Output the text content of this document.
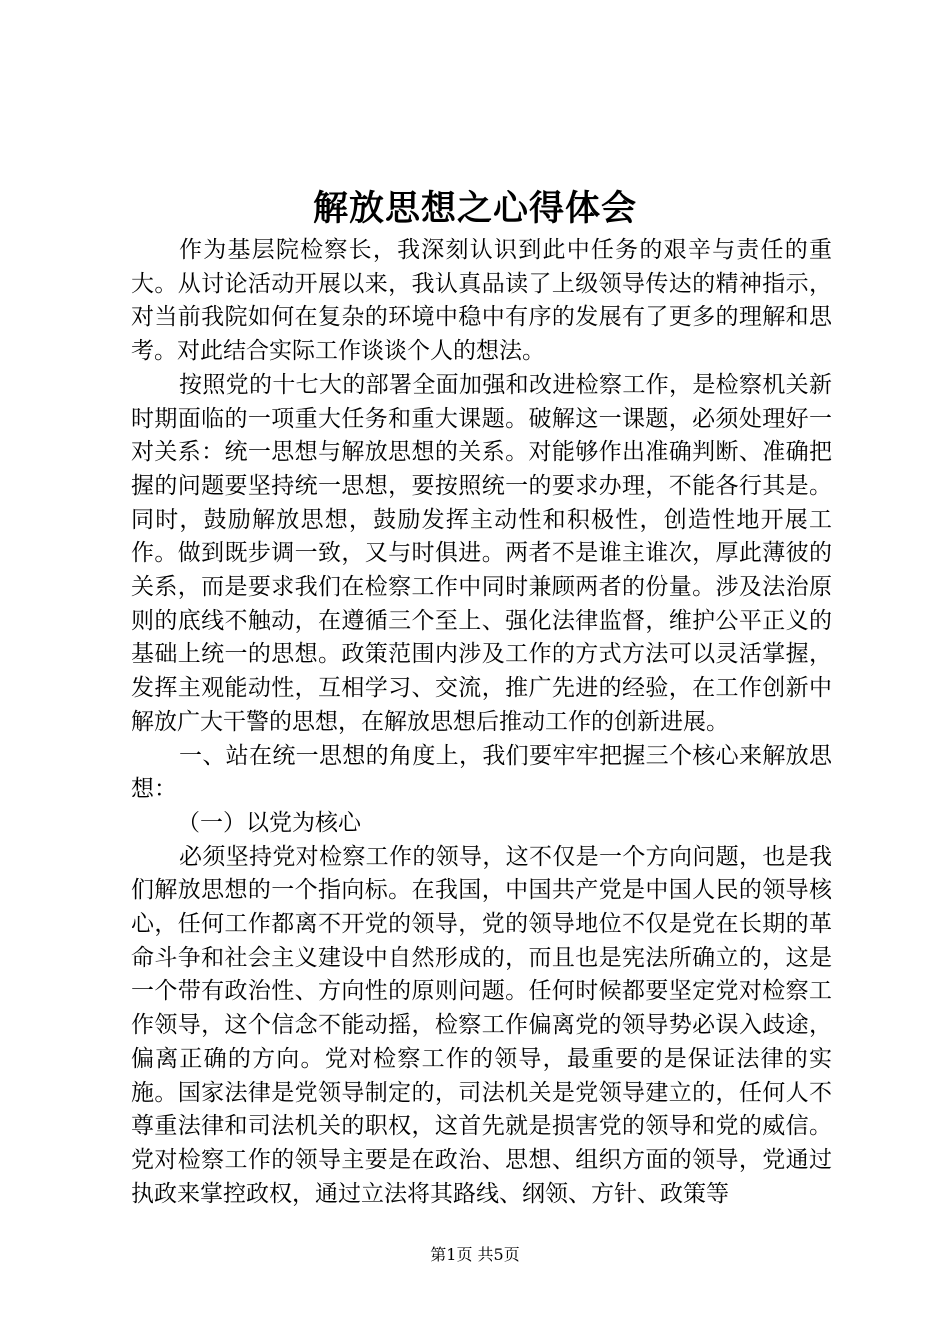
解放思想之心得体会

作为基层院检察长，我深刻认识到此中任务的艰辛与责任的重大。从讨论活动开展以来，我认真品读了上级领导传达的精神指示，对当前我院如何在复杂的环境中稳中有序的发展有了更多的理解和思考。对此结合实际工作谈谈个人的想法。

按照党的十七大的部署全面加强和改进检察工作，是检察机关新时期面临的一项重大任务和重大课题。破解这一课题，必须处理好一对关系：统一思想与解放思想的关系。对能够作出准确判断、准确把握的问题要坚持统一思想，要按照统一的要求办理，不能各行其是。同时，鼓励解放思想，鼓励发挥主动性和积极性，创造性地开展工作。做到既步调一致，又与时俱进。两者不是谁主谁次，厚此薄彼的关系，而是要求我们在检察工作中同时兼顾两者的份量。涉及法治原则的底线不触动，在遵循三个至上、强化法律监督，维护公平正义的基础上统一的思想。政策范围内涉及工作的方式方法可以灵活掌握，发挥主观能动性，互相学习、交流，推广先进的经验，在工作创新中解放广大干警的思想，在解放思想后推动工作的创新进展。

一、站在统一思想的角度上，我们要牢牢把握三个核心来解放思想：

（一）以党为核心

必须坚持党对检察工作的领导，这不仅是一个方向问题，也是我们解放思想的一个指向标。在我国，中国共产党是中国人民的领导核心，任何工作都离不开党的领导，党的领导地位不仅是党在长期的革命斗争和社会主义建设中自然形成的，而且也是宪法所确立的，这是一个带有政治性、方向性的原则问题。任何时候都要坚定党对检察工作领导，这个信念不能动摇，检察工作偏离党的领导势必误入歧途，偏离正确的方向。党对检察工作的领导，最重要的是保证法律的实施。国家法律是党领导制定的，司法机关是党领导建立的，任何人不尊重法律和司法机关的职权，这首先就是损害党的领导和党的威信。党对检察工作的领导主要是在政治、思想、组织方面的领导，党通过执政来掌控政权，通过立法将其路线、纲领、方针、政策等

第1页 共5页
